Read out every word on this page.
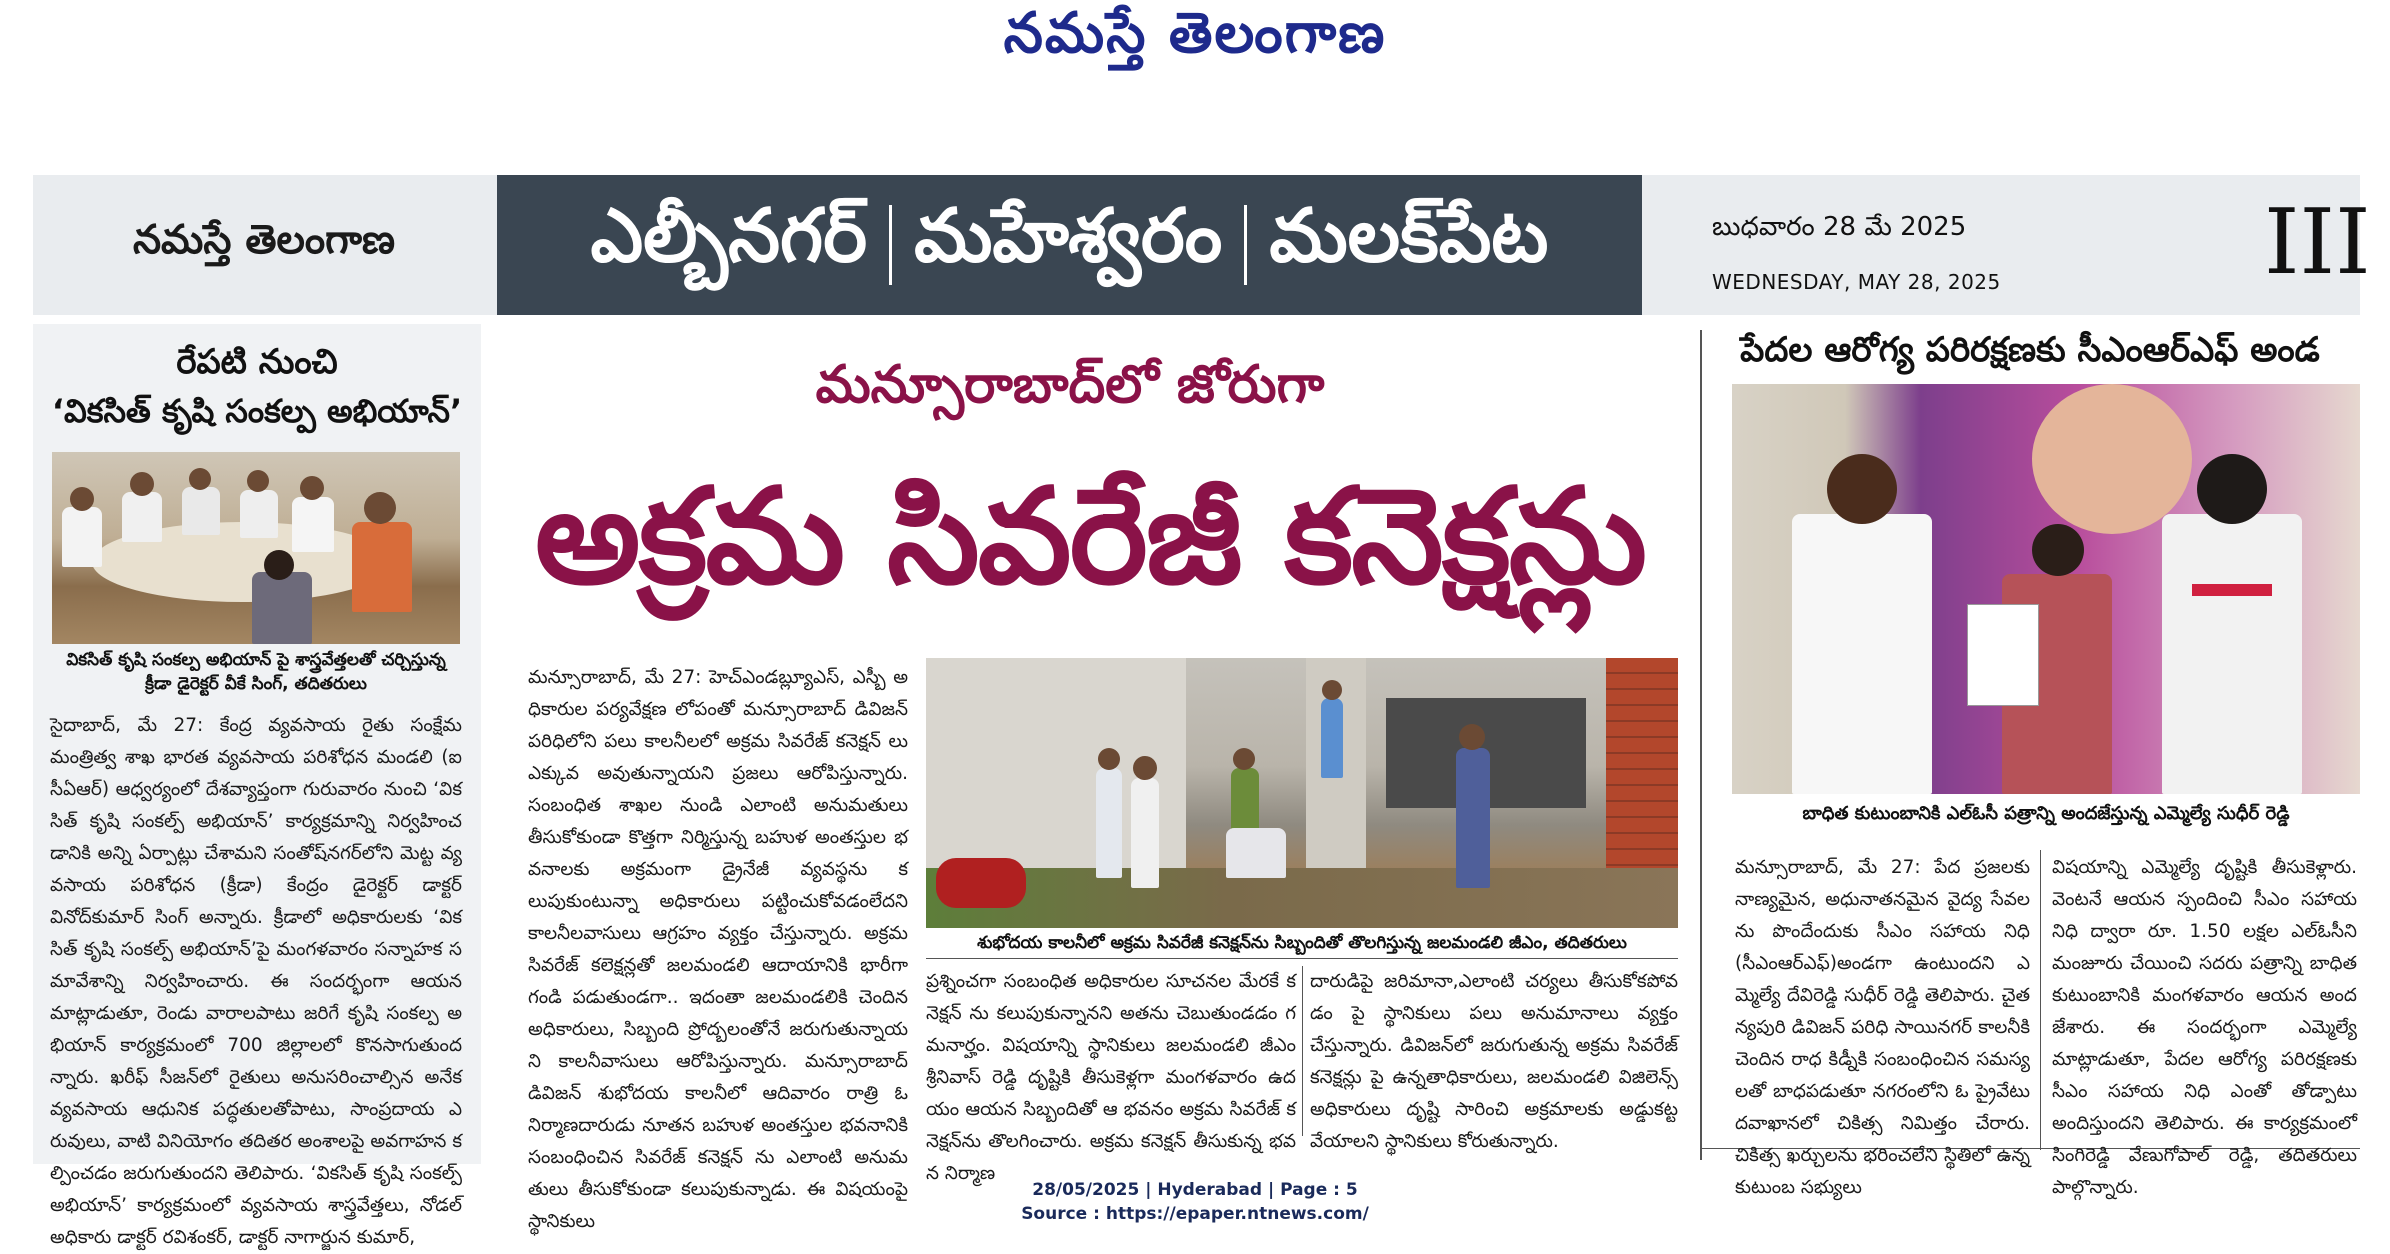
నమస్తే తెలంగాణ
నమస్తే తెలంగాణ	ఎల్బీనగర్ మహేశ్వరం మలక్‌పేట	బుధవారం 28 మే 2025
WEDNESDAY, MAY 28, 2025	III
రేపటి నుంచి
‘వికసిత్ కృషి సంకల్ప అభియాన్’
వికసిత్ కృషి సంకల్ప అభియాన్ పై శాస్త్రవేత్తలతో చర్చిస్తున్న క్రీడా డైరెక్టర్ వీకే సింగ్, తదితరులు
సైదాబాద్, మే 27: కేంద్ర వ్యవసాయ రైతు సంక్షేమ మంత్రిత్వ శాఖ భారత వ్యవసాయ పరిశోధన మండలి (ఐసీఏఆర్) ఆధ్వర్యంలో దేశవ్యాప్తంగా గురువారం నుంచి ‘వికసిత్ కృషి సంకల్ప్ అభియాన్’ కార్యక్రమాన్ని నిర్వహించడానికి అన్ని ఏర్పాట్లు చేశామని సంతోష్‌నగర్‌లోని మెట్ట వ్యవసాయ పరిశోధన (క్రీడా) కేంద్రం డైరెక్టర్ డాక్టర్ వినోద్‌కుమార్ సింగ్ అన్నారు. క్రీడాలో అధికారులకు ‘వికసిత్ కృషి సంకల్ప్ అభియాన్’పై మంగళవారం సన్నాహక సమావేశాన్ని నిర్వహించారు. ఈ సందర్భంగా ఆయన మాట్లాడుతూ, రెండు వారాలపాటు జరిగే కృషి సంకల్ప అభియాన్ కార్యక్రమంలో 700 జిల్లాలలో కొనసాగుతుందన్నారు. ఖరీఫ్ సీజన్‌లో రైతులు అనుసరించాల్సిన అనేక వ్యవసాయ ఆధునిక పద్ధతులతోపాటు, సాంప్రదాయ ఎరువులు, వాటి వినియోగం తదితర అంశాలపై అవగాహన కల్పించడం జరుగుతుందని తెలిపారు. ‘వికసిత్ కృషి సంకల్ప్ అభియాన్’ కార్యక్రమంలో వ్యవసాయ శాస్త్రవేత్తలు, నోడల్ అధికారు డాక్టర్ రవిశంకర్, డాక్టర్ నాగార్జున కుమార్,
మన్సూరాబాద్‌లో జోరుగా
అక్రమ సివరేజీ కనెక్షన్లు
మన్సూరాబాద్, మే 27: హెచ్ఎండబ్ల్యూఎస్, ఎస్బీ అధికారుల పర్యవేక్షణ లోపంతో మన్సూరాబాద్ డివిజన్ పరిధిలోని పలు కాలనీలలో అక్రమ సివరేజ్ కనెక్షన్ లు ఎక్కువ అవుతున్నాయని ప్రజలు ఆరోపిస్తున్నారు. సంబంధిత శాఖల నుండి ఎలాంటి అనుమతులు తీసుకోకుండా కొత్తగా నిర్మిస్తున్న బహుళ అంతస్తుల భవనాలకు అక్రమంగా డ్రైనేజీ వ్యవస్థను కలుపుకుంటున్నా అధికారులు పట్టించుకోవడంలేదని కాలనీలవాసులు ఆగ్రహం వ్యక్తం చేస్తున్నారు. అక్రమ సివరేజ్ కలెక్షన్లతో జలమండలి ఆదాయానికి భారీగా గండి పడుతుండగా.. ఇదంతా జలమండలికి చెందిన అధికారులు, సిబ్బంది ప్రోద్బలంతోనే జరుగుతున్నాయని కాలనీవాసులు ఆరోపిస్తున్నారు. మన్సూరాబాద్ డివిజన్ శుభోదయ కాలనీలో ఆదివారం రాత్రి ఓ నిర్మాణదారుడు నూతన బహుళ అంతస్తుల భవనానికి సంబంధించిన సివరేజ్ కనెక్షన్ ను ఎలాంటి అనుమతులు తీసుకోకుండా కలుపుకున్నాడు. ఈ విషయంపై స్థానికులు
శుభోదయ కాలనీలో అక్రమ సివరేజీ కనెక్షన్‌ను సిబ్బందితో తొలగిస్తున్న జలమండలి జీఎం, తదితరులు
ప్రశ్నించగా సంబంధిత అధికారుల సూచనల మేరకే కనెక్షన్ ను కలుపుకున్నానని అతను చెబుతుండడం గమనార్హం. విషయాన్ని స్థానికులు జలమండలి జీఎం శ్రీనివాస్ రెడ్డి దృష్టికి తీసుకెళ్లగా మంగళవారం ఉదయం ఆయన సిబ్బందితో ఆ భవనం అక్రమ సివరేజ్ కనెక్షన్‌ను తొలగించారు. అక్రమ కనెక్షన్ తీసుకున్న భవన నిర్మాణ
దారుడిపై జరిమానా,ఎలాంటి చర్యలు తీసుకోకపోవడం పై స్థానికులు పలు అనుమానాలు వ్యక్తం చేస్తున్నారు. డివిజన్‌లో జరుగుతున్న అక్రమ సివరేజ్ కనెక్షన్లు పై ఉన్నతాధికారులు, జలమండలి విజిలెన్స్ అధికారులు దృష్టి సారించి అక్రమాలకు అడ్డుకట్ట వేయాలని స్థానికులు కోరుతున్నారు.
పేదల ఆరోగ్య పరిరక్షణకు సీఎంఆర్ఎఫ్ అండ
బాధిత కుటుంబానికి ఎల్ఓసీ పత్రాన్ని అందజేస్తున్న ఎమ్మెల్యే సుధీర్ రెడ్డి
మన్సూరాబాద్, మే 27: పేద ప్రజలకు నాణ్యమైన, అధునాతనమైన వైద్య సేవలను పొందేందుకు సీఎం సహాయ నిధి (సీఎంఆర్ఎఫ్)అండగా ఉంటుందని ఎమ్మెల్యే దేవిరెడ్డి సుధీర్ రెడ్డి తెలిపారు. చైతన్యపురి డివిజన్ పరిధి సాయినగర్ కాలనీకి చెందిన రాధ కిడ్నీకి సంబంధించిన సమస్యలతో బాధపడుతూ నగరంలోని ఓ ప్రైవేటు దవాఖానలో చికిత్స నిమిత్తం చేరారు. చికిత్స ఖర్చులను భరించలేని స్థితిలో ఉన్న కుటుంబ సభ్యులు
విషయాన్ని ఎమ్మెల్యే దృష్టికి తీసుకెళ్లారు. వెంటనే ఆయన స్పందించి సీఎం సహాయ నిధి ద్వారా రూ. 1.50 లక్షల ఎల్ఓసీని మంజూరు చేయించి సదరు పత్రాన్ని బాధిత కుటుంబానికి మంగళవారం ఆయన అందజేశారు. ఈ సందర్భంగా ఎమ్మెల్యే మాట్లాడుతూ, పేదల ఆరోగ్య పరిరక్షణకు సీఎం సహాయ నిధి ఎంతో తోడ్పాటు అందిస్తుందని తెలిపారు. ఈ కార్యక్రమంలో సింగిరెడ్డి వేణుగోపాల్ రెడ్డి, తదితరులు పాల్గొన్నారు.
28/05/2025 | Hyderabad | Page : 5
Source : https://epaper.ntnews.com/
